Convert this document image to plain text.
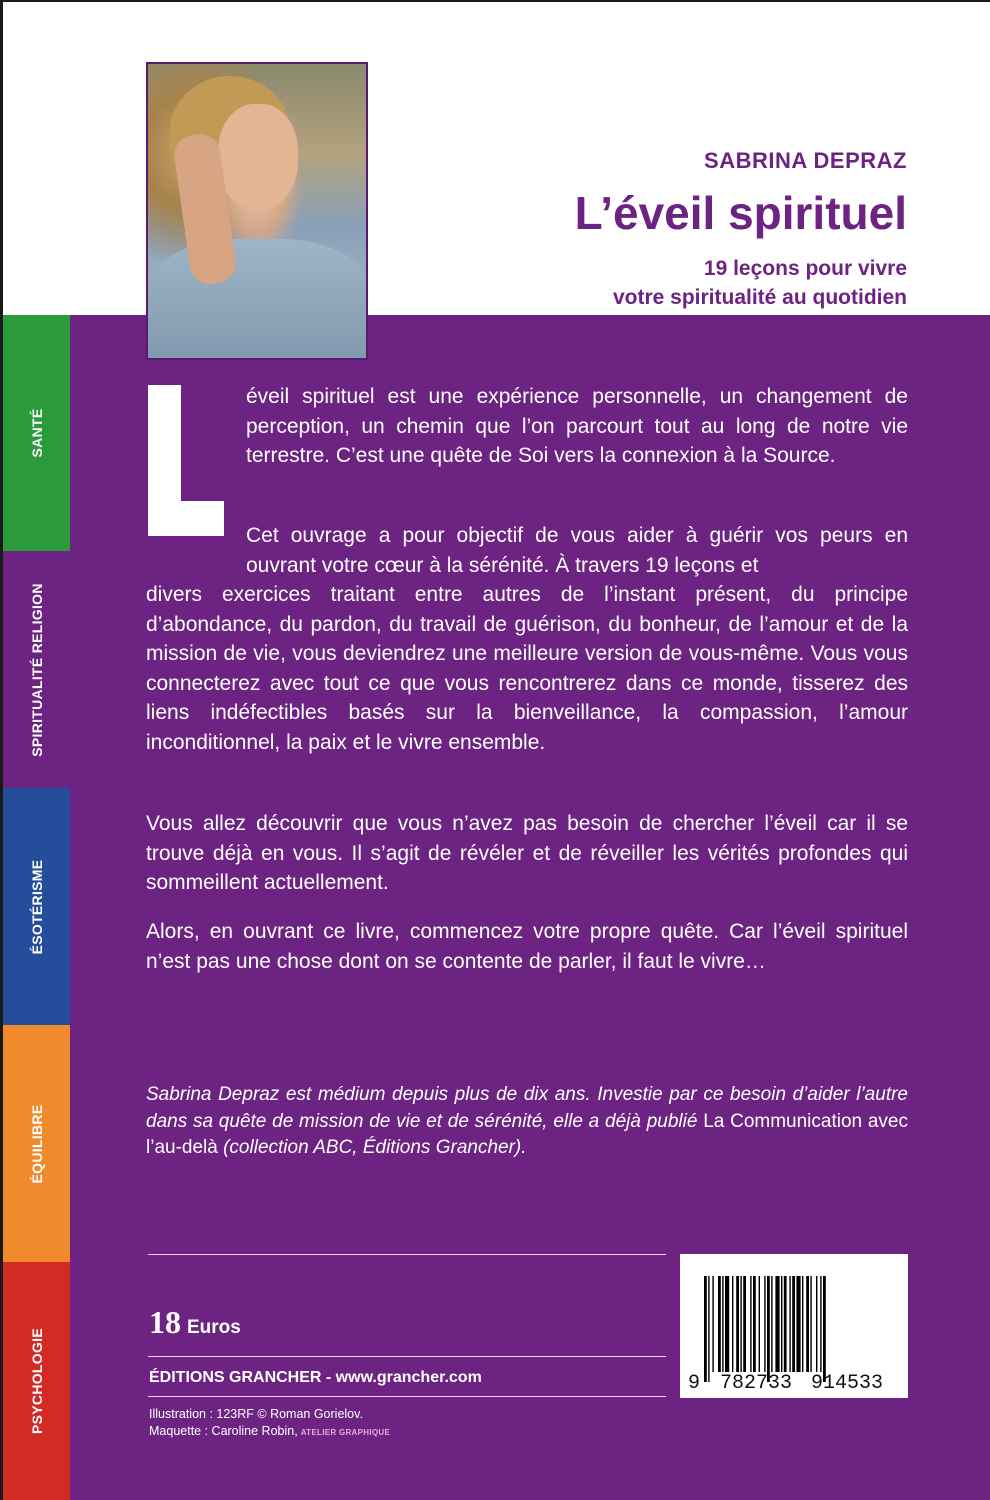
SANTÉ
SPIRITUALITÉ RELIGION
ÉSOTÉRISME
ÉQUILIBRE
PSYCHOLOGIE
SABRINA DEPRAZ
L’éveil spirituel
19 leçons pour vivre
votre spiritualité au quotidien

éveil spirituel est une expérience personnelle, un changement de perception, un chemin que l’on parcourt tout au long de notre vie terrestre. C’est une quête de Soi vers la connexion à la Source.

Cet ouvrage a pour objectif de vous aider à guérir vos peurs en ouvrant votre cœur à la sérénité. À travers 19 leçons et

divers exercices traitant entre autres de l’instant présent, du principe d’abondance, du pardon, du travail de guérison, du bonheur, de l’amour et de la mission de vie, vous deviendrez une meilleure version de vous-même. Vous vous connecterez avec tout ce que vous rencontrerez dans ce monde, tisserez des liens indéfectibles basés sur la bienveillance, la compassion, l’amour inconditionnel, la paix et le vivre ensemble.

Vous allez découvrir que vous n’avez pas besoin de chercher l’éveil car il se trouve déjà en vous. Il s’agit de révéler et de réveiller les vérités profondes qui sommeillent actuellement.

Alors, en ouvrant ce livre, commencez votre propre quête. Car l’éveil spirituel n’est pas une chose dont on se contente de parler, il faut le vivre…

Sabrina Depraz est médium depuis plus de dix ans. Investie par ce besoin d’aider l’autre dans sa quête de mission de vie et de sérénité, elle a déjà publié La Communication avec l’au-delà (collection ABC, Éditions Grancher).

18 Euros
ÉDITIONS GRANCHER - www.grancher.com
Illustration : 123RF © Roman Gorielov.
Maquette : Caroline Robin, ATELIER GRAPHIQUE
9 782733 914533
